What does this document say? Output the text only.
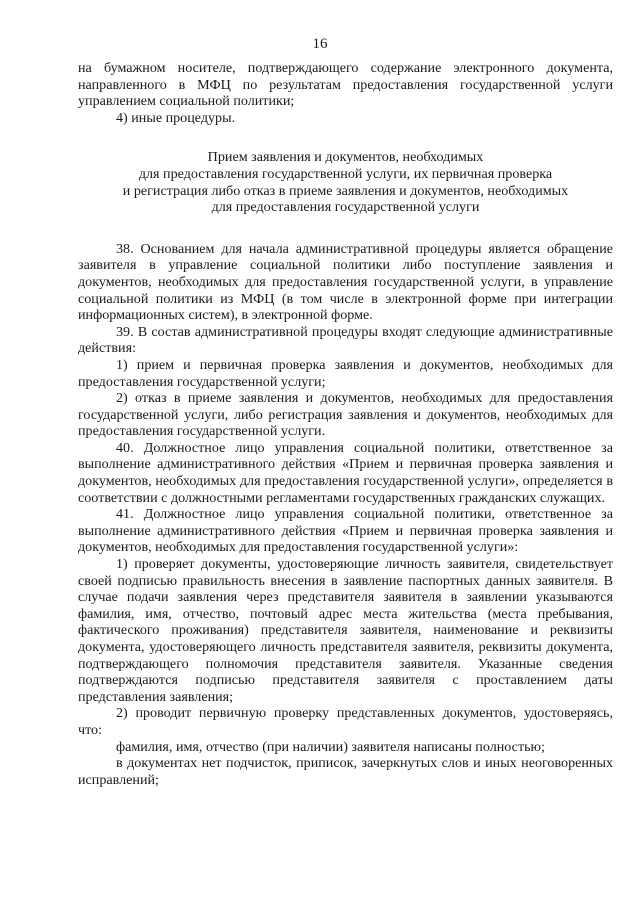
16

на бумажном носителе, подтверждающего содержание электронного документа, направленного в МФЦ по результатам предоставления государственной услуги управлением социальной политики;

4) иные процедуры.

Прием заявления и документов, необходимых
для предоставления государственной услуги, их первичная проверка
и регистрация либо отказ в приеме заявления и документов, необходимых
для предоставления государственной услуги

38. Основанием для начала административной процедуры является обращение заявителя в управление социальной политики либо поступление заявления и документов, необходимых для предоставления государственной услуги, в управление социальной политики из МФЦ (в том числе в электронной форме при интеграции информационных систем), в электронной форме.

39. В состав административной процедуры входят следующие административные действия:

1) прием и первичная проверка заявления и документов, необходимых для предоставления государственной услуги;

2) отказ в приеме заявления и документов, необходимых для предоставления государственной услуги, либо регистрация заявления и документов, необходимых для предоставления государственной услуги.

40. Должностное лицо управления социальной политики, ответственное за выполнение административного действия «Прием и первичная проверка заявления и документов, необходимых для предоставления государственной услуги», определяется в соответствии с должностными регламентами государственных гражданских служащих.

41. Должностное лицо управления социальной политики, ответственное за выполнение административного действия «Прием и первичная проверка заявления и документов, необходимых для предоставления государственной услуги»:

1) проверяет документы, удостоверяющие личность заявителя, свидетельствует своей подписью правильность внесения в заявление паспортных данных заявителя. В случае подачи заявления через представителя заявителя в заявлении указываются фамилия, имя, отчество, почтовый адрес места жительства (места пребывания, фактического проживания) представителя заявителя, наименование и реквизиты документа, удостоверяющего личность представителя заявителя, реквизиты документа, подтверждающего полномочия представителя заявителя. Указанные сведения подтверждаются подписью представителя заявителя с проставлением даты представления заявления;

2) проводит первичную проверку представленных документов, удостоверяясь, что:

фамилия, имя, отчество (при наличии) заявителя написаны полностью;

в документах нет подчисток, приписок, зачеркнутых слов и иных неоговоренных исправлений;
